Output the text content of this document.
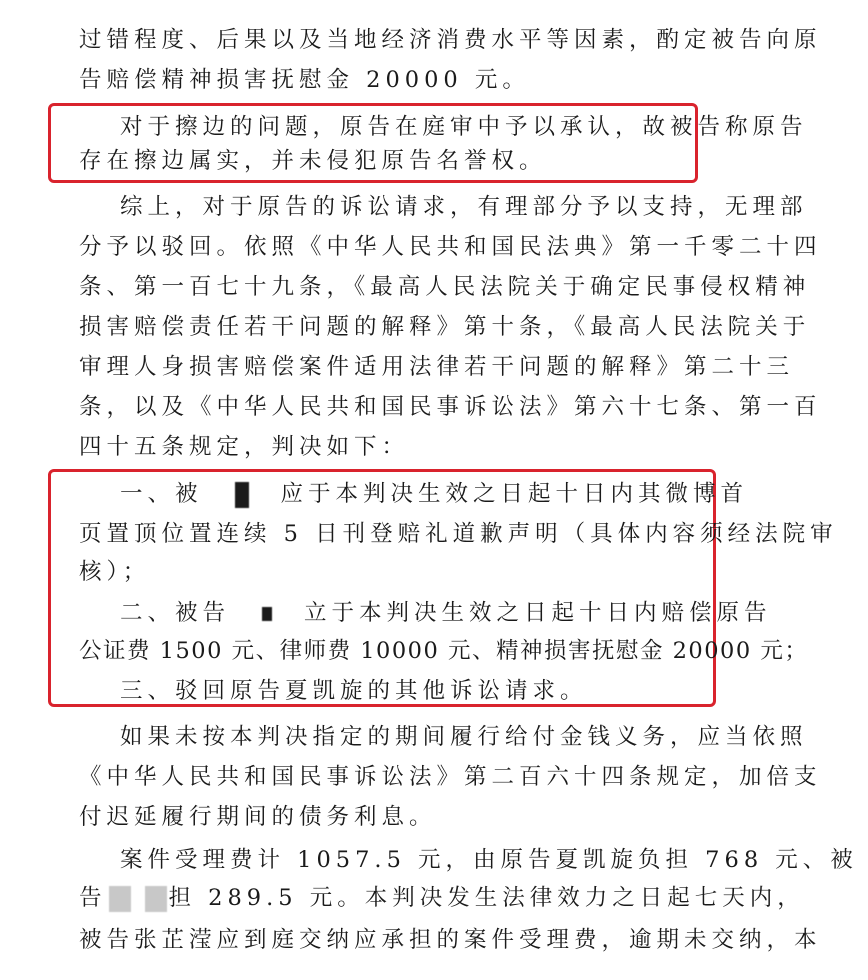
过错程度、后果以及当地经济消费水平等因素，酌定被告向原
告赔偿精神损害抚慰金 20000 元。
对于擦边的问题，原告在庭审中予以承认，故被告称原告
存在擦边属实，并未侵犯原告名誉权。
综上，对于原告的诉讼请求，有理部分予以支持，无理部
分予以驳回。依照《中华人民共和国民法典》第一千零二十四
条、第一百七十九条，《最高人民法院关于确定民事侵权精神
损害赔偿责任若干问题的解释》第十条，《最高人民法院关于
审理人身损害赔偿案件适用法律若干问题的解释》第二十三
条，以及《中华人民共和国民事诉讼法》第六十七条、第一百
四十五条规定，判决如下：
一、被	应于本判决生效之日起十日内其微博首
页置顶位置连续 5 日刊登赔礼道歉声明（具体内容须经法院审
核）；
二、被告	立于本判决生效之日起十日内赔偿原告
公证费 1500 元、律师费 10000 元、精神损害抚慰金 20000 元；
三、驳回原告夏凯旋的其他诉讼请求。
如果未按本判决指定的期间履行给付金钱义务，应当依照
《中华人民共和国民事诉讼法》第二百六十四条规定，加倍支
付迟延履行期间的债务利息。
案件受理费计 1057.5 元，由原告夏凯旋负担 768 元、被
告	担 289.5 元。本判决发生法律效力之日起七天内，
被告张芷滢应到庭交纳应承担的案件受理费，逾期未交纳，本
